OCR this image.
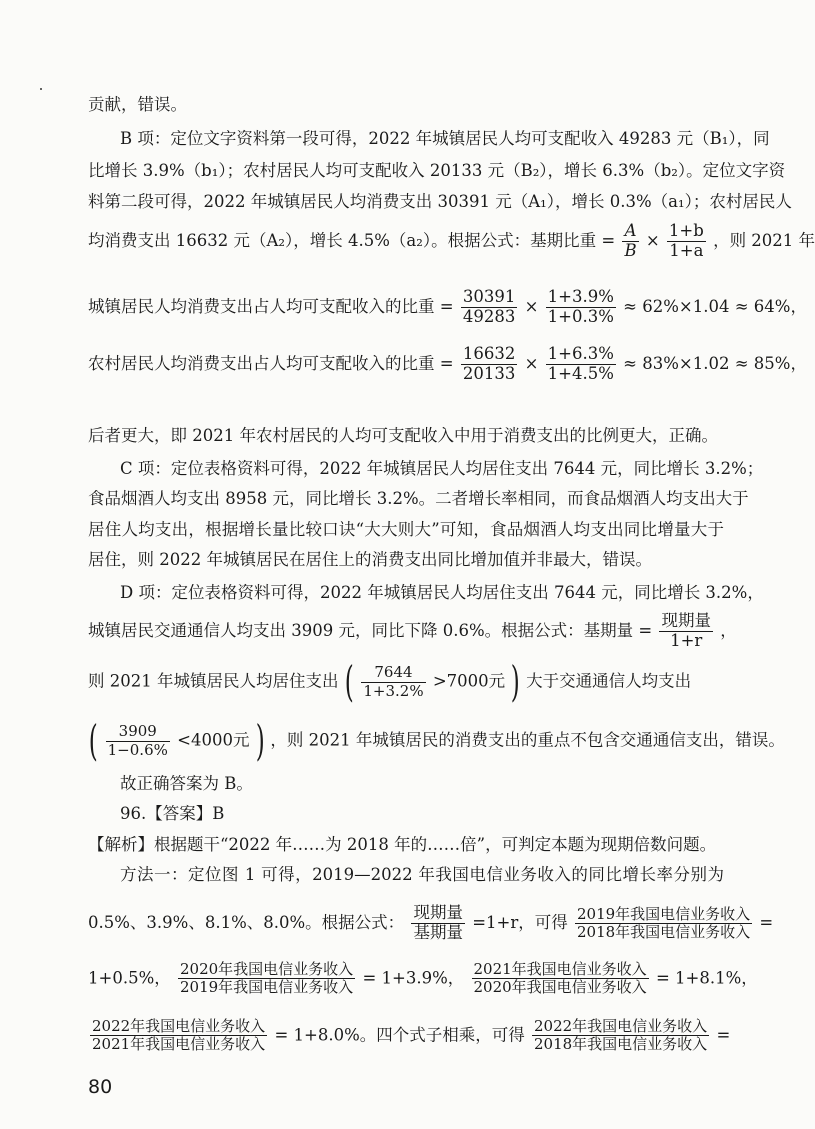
贡献，错误。
B 项：定位文字资料第一段可得，2022 年城镇居民人均可支配收入 49283 元（B₁），同
比增长 3.9%（b₁）；农村居民人均可支配收入 20133 元（B₂），增长 6.3%（b₂）。定位文字资
料第二段可得，2022 年城镇居民人均消费支出 30391 元（A₁），增长 0.3%（a₁）；农村居民人
均消费支出 16632 元（A₂），增长 4.5%（a₂）。根据公式：基期比重 = $\frac{A}{B} \times \frac{1+b}{1+a}$ ，则 2021 年
城镇居民人均消费支出占人均可支配收入的比重 = $\frac{30391}{49283} \times \frac{1+3.9\%}{1+0.3\%} \approx 62\%\times 1.04 \approx 64\%$，
农村居民人均消费支出占人均可支配收入的比重 = $\frac{16632}{20133} \times \frac{1+6.3\%}{1+4.5\%} \approx 83\%\times 1.02 \approx 85\%$，
后者更大，即 2021 年农村居民的人均可支配收入中用于消费支出的比例更大，正确。
C 项：定位表格资料可得，2022 年城镇居民人均居住支出 7644 元，同比增长 3.2%；
食品烟酒人均支出 8958 元，同比增长 3.2%。二者增长率相同，而食品烟酒人均支出大于
居住人均支出，根据增长量比较口诀“大大则大”可知，食品烟酒人均支出同比增量大于
居住，则 2022 年城镇居民在居住上的消费支出同比增加值并非最大，错误。
D 项：定位表格资料可得，2022 年城镇居民人均居住支出 7644 元，同比增长 3.2%，
城镇居民交通通信人均支出 3909 元，同比下降 0.6%。根据公式：基期量 = $\frac{\text{现期量}}{1+r}$ ，
则 2021 年城镇居民人均居住支出 ( $\frac{7644}{1+3.2\%} >7000$元 ) 大于交通通信人均支出
( $\frac{3909}{1-0.6\%} <4000$元 ) ，则 2021 年城镇居民的消费支出的重点不包含交通通信支出，错误。
故正确答案为 B。
96.【答案】B
【解析】根据题干“2022 年……为 2018 年的……倍”，可判定本题为现期倍数问题。
方法一：定位图 1 可得，2019—2022 年我国电信业务收入的同比增长率分别为
0.5%、3.9%、8.1%、8.0%。根据公式： $\frac{\text{现期量}}{\text{基期量}} =1+r$，可得 $\frac{\text{2019年我国电信业务收入}}{\text{2018年我国电信业务收入}}$ =
1+0.5%， $\frac{\text{2020年我国电信业务收入}}{\text{2019年我国电信业务收入}} = 1+3.9\%$， $\frac{\text{2021年我国电信业务收入}}{\text{2020年我国电信业务收入}} = 1+8.1\%$，
$\frac{\text{2022年我国电信业务收入}}{\text{2021年我国电信业务收入}} = 1+8.0\%$。四个式子相乘，可得 $\frac{\text{2022年我国电信业务收入}}{\text{2018年我国电信业务收入}}$ =
80
